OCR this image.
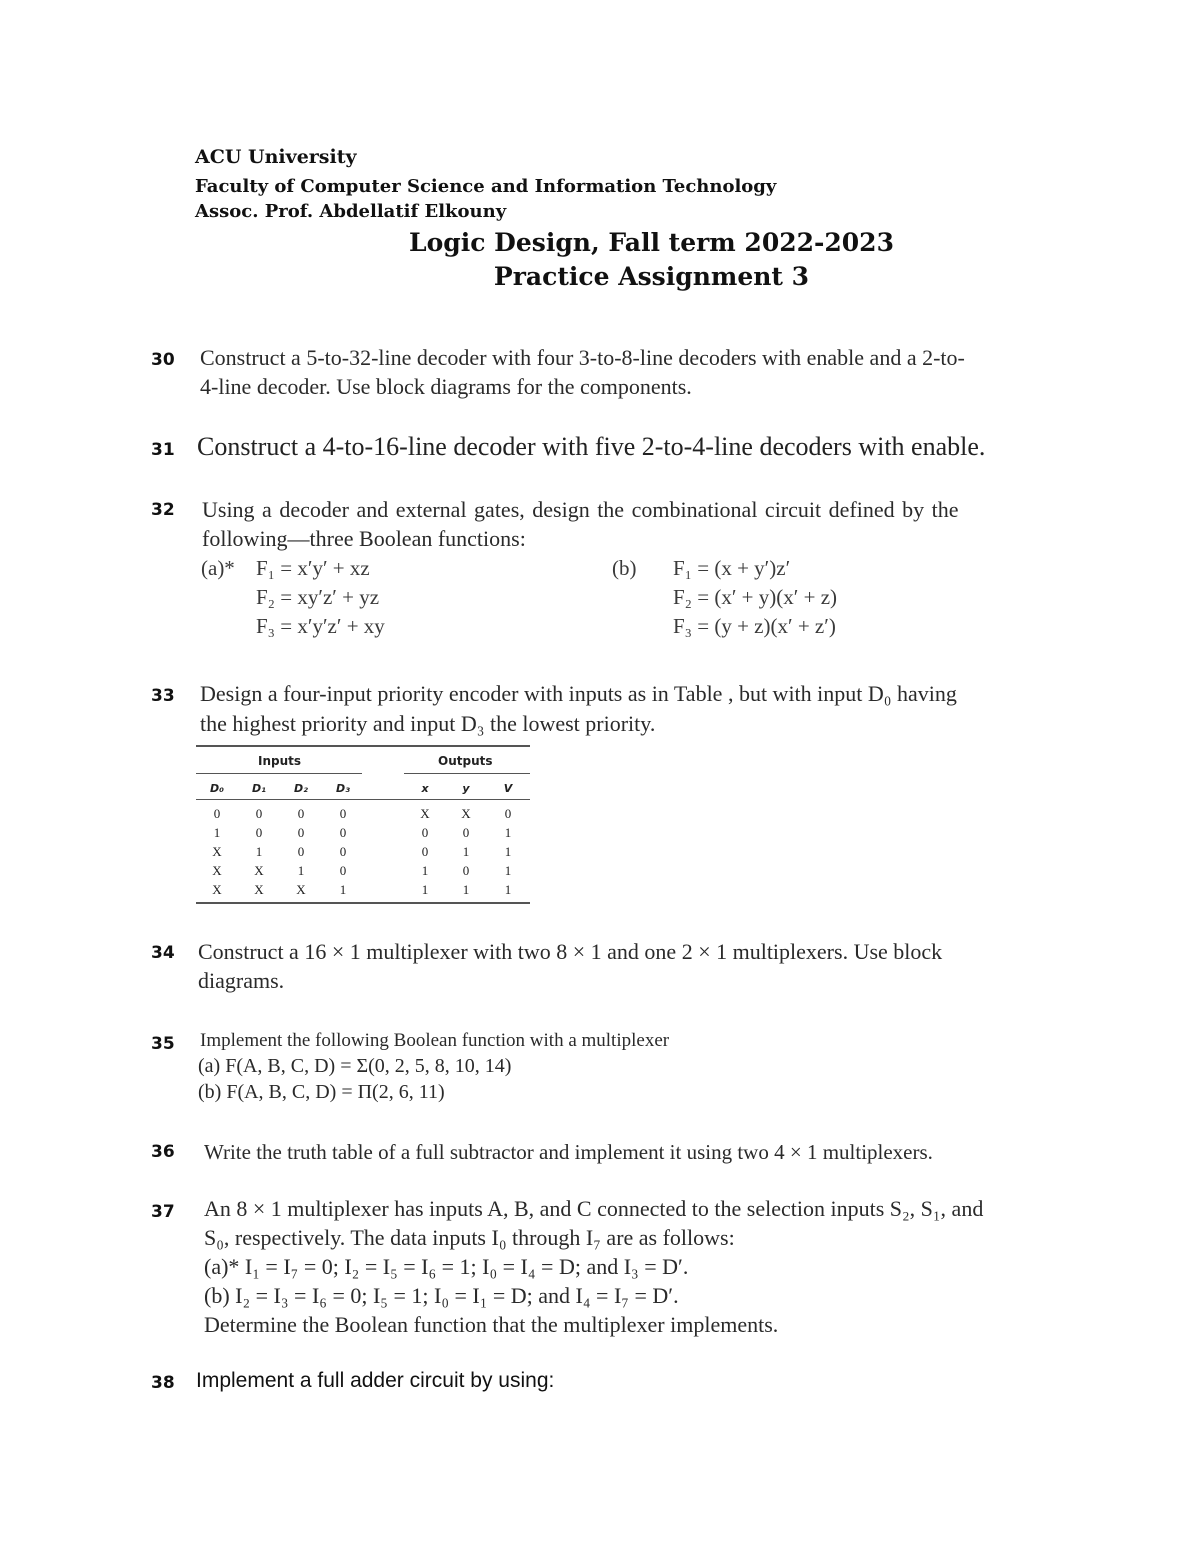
ACU University
Faculty of Computer Science and Information Technology
Assoc. Prof. Abdellatif Elkouny
Logic Design, Fall term 2022-2023
Practice Assignment 3
30 Construct a 5-to-32-line decoder with four 3-to-8-line decoders with enable and a 2-to-
4-line decoder. Use block diagrams for the components.
31 Construct a 4-to-16-line decoder with five 2-to-4-line decoders with enable.
32 Using a decoder and external gates, design the combinational circuit defined by the
following—three Boolean functions:
(a)* F₁ = x′y′ + xz
F₂ = xy′z′ + yz
F₃ = x′y′z′ + xy
(b) F₁ = (x + y′)z′
F₂ = (x′ + y)(x′ + z)
F₃ = (y + z)(x′ + z′)
33 Design a four-input priority encoder with inputs as in Table , but with input D₀ having
the highest priority and input D₃ the lowest priority.
Inputs	Outputs
D₀	D₁	D₂	D₃	x	y	V
0	0	0	0	X	X	0
1	0	0	0	0	0	1
X	1	0	0	0	1	1
X	X	1	0	1	0	1
X	X	X	1	1	1	1
34 Construct a 16 × 1 multiplexer with two 8 × 1 and one 2 × 1 multiplexers. Use block
diagrams.
35 Implement the following Boolean function with a multiplexer
(a) F(A, B, C, D) = Σ(0, 2, 5, 8, 10, 14)
(b) F(A, B, C, D) = Π(2, 6, 11)
36 Write the truth table of a full subtractor and implement it using two 4 × 1 multiplexers.
37 An 8 × 1 multiplexer has inputs A, B, and C connected to the selection inputs S₂, S₁, and
S₀, respectively. The data inputs I₀ through I₇ are as follows:
(a)* I₁ = I₇ = 0; I₂ = I₅ = I₆ = 1; I₀ = I₄ = D; and I₃ = D′.
(b) I₂ = I₃ = I₆ = 0; I₅ = 1; I₀ = I₁ = D; and I₄ = I₇ = D′.
Determine the Boolean function that the multiplexer implements.
38 Implement a full adder circuit by using:
